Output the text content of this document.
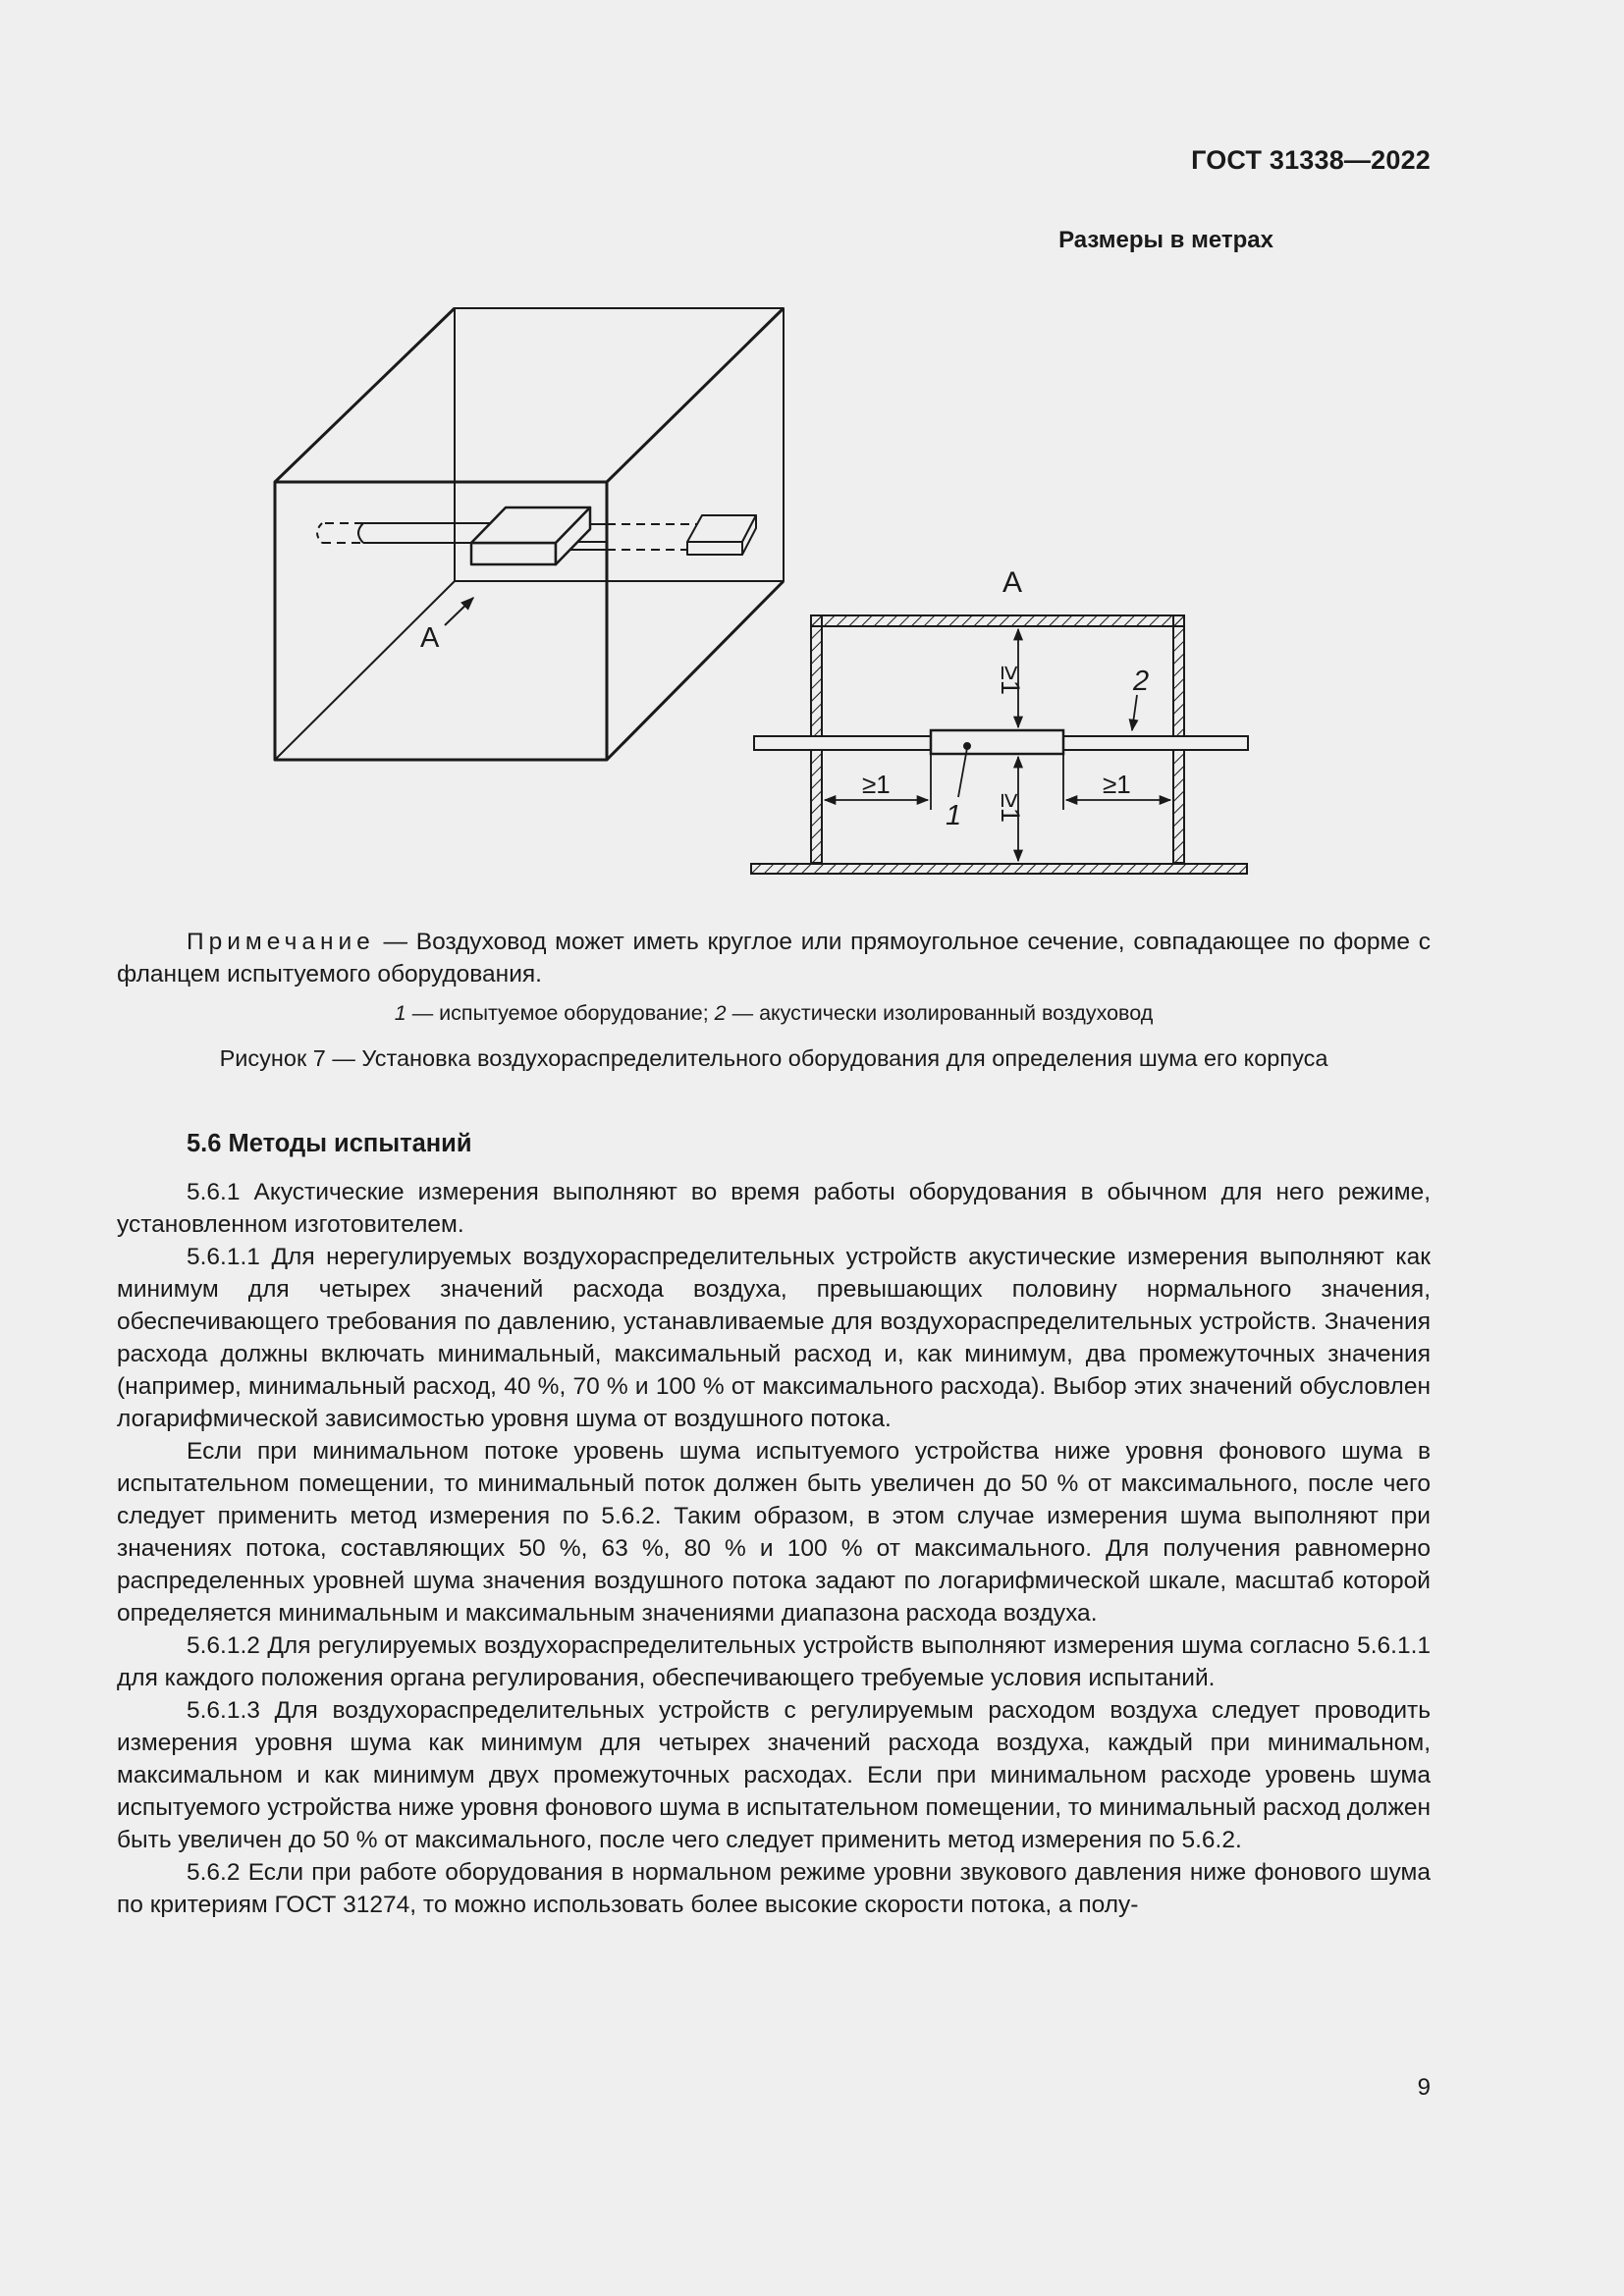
ГОСТ 31338—2022
Размеры в метрах
A
A
≥1
≥1
≥1	≥1
1
2

Примечание — Воздуховод может иметь круглое или прямоугольное сечение, совпадающее по форме с фланцем испытуемого оборудования.

1 — испытуемое оборудование; 2 — акустически изолированный воздуховод
Рисунок 7 — Установка воздухораспределительного оборудования для определения шума его корпуса
5.6 Методы испытаний

5.6.1 Акустические измерения выполняют во время работы оборудования в обычном для него режиме, установленном изготовителем.

5.6.1.1 Для нерегулируемых воздухораспределительных устройств акустические измерения выполняют как минимум для четырех значений расхода воздуха, превышающих половину нормального значения, обеспечивающего требования по давлению, устанавливаемые для воздухораспределительных устройств. Значения расхода должны включать минимальный, максимальный расход и, как минимум, два промежуточных значения (например, минимальный расход, 40 %, 70 % и 100 % от максимального расхода). Выбор этих значений обусловлен логарифмической зависимостью уровня шума от воздушного потока.

Если при минимальном потоке уровень шума испытуемого устройства ниже уровня фонового шума в испытательном помещении, то минимальный поток должен быть увеличен до 50 % от максимального, после чего следует применить метод измерения по 5.6.2. Таким образом, в этом случае измерения шума выполняют при значениях потока, составляющих 50 %, 63 %, 80 % и 100 % от максимального. Для получения равномерно распределенных уровней шума значения воздушного потока задают по логарифмической шкале, масштаб которой определяется минимальным и максимальным значениями диапазона расхода воздуха.

5.6.1.2 Для регулируемых воздухораспределительных устройств выполняют измерения шума согласно 5.6.1.1 для каждого положения органа регулирования, обеспечивающего требуемые условия испытаний.

5.6.1.3 Для воздухораспределительных устройств с регулируемым расходом воздуха следует проводить измерения уровня шума как минимум для четырех значений расхода воздуха, каждый при минимальном, максимальном и как минимум двух промежуточных расходах. Если при минимальном расходе уровень шума испытуемого устройства ниже уровня фонового шума в испытательном помещении, то минимальный расход должен быть увеличен до 50 % от максимального, после чего следует применить метод измерения по 5.6.2.

5.6.2 Если при работе оборудования в нормальном режиме уровни звукового давления ниже фонового шума по критериям ГОСТ 31274, то можно использовать более высокие скорости потока, а полу-

9
